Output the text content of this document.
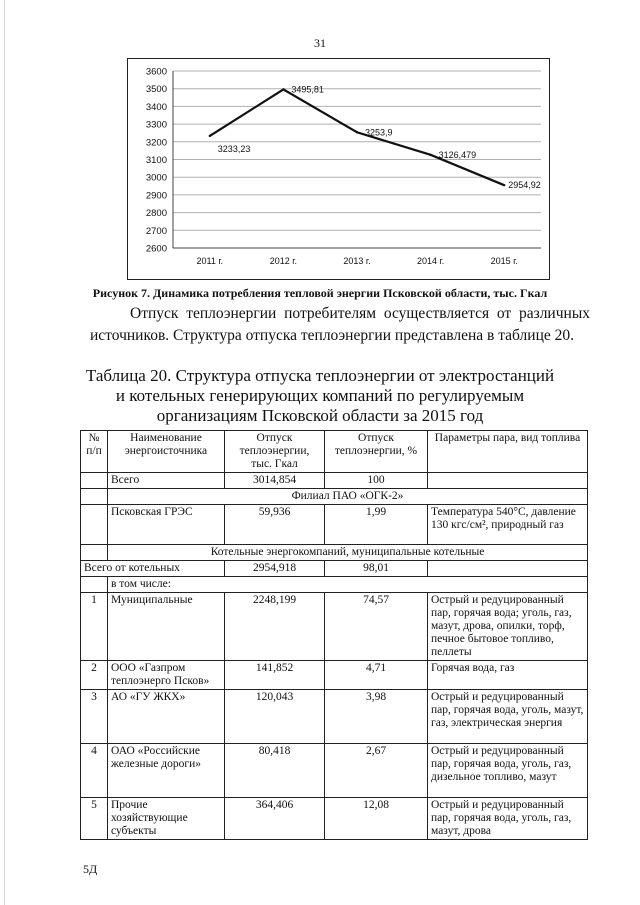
31
2600
2700
2800
2900
3000
3100
3200
3300
3400
3500
3600
2011 г.	2012 г.	2013 г.	2014 г.	2015 г.
3233,23
3495,81
3253,9
3126,479
2954,92
Рисунок 7. Динамика потребления тепловой энергии Псковской области, тыс. Гкал
Отпуск теплоэнергии потребителям осуществляется от различных источников. Структура отпуска теплоэнергии представлена в таблице 20.
Таблица 20. Структура отпуска теплоэнергии от электростанций и котельных генерирующих компаний по регулируемым организациям Псковской области за 2015 год
№ п/п	Наименование энергоисточника	Отпуск теплоэнергии, тыс. Гкал	Отпуск теплоэнергии, %	Параметры пара, вид топлива
	Всего	3014,854	100	
	Филиал ПАО «ОГК-2»			
	Псковская ГРЭС	59,936	1,99	Температура 540°С, давление 130 кгс/см², природный газ
	Котельные энергокомпаний, муниципальные котельные			
Всего от котельных		2954,918	98,01	
	в том числе:			
1	Муниципальные	2248,199	74,57	Острый и редуцированный пар, горячая вода; уголь, газ, мазут, дрова, опилки, торф, печное бытовое топливо, пеллеты
2	ООО «Газпром теплоэнерго Псков»	141,852	4,71	Горячая вода, газ
3	АО «ГУ ЖКХ»	120,043	3,98	Острый и редуцированный пар, горячая вода, уголь, мазут, газ, электрическая энергия
4	ОАО «Российские железные дороги»	80,418	2,67	Острый и редуцированный пар, горячая вода, уголь, газ, дизельное топливо, мазут
5	Прочие хозяйствующие субъекты	364,406	12,08	Острый и редуцированный пар, горячая вода, уголь, газ, мазут, дрова
5Д
